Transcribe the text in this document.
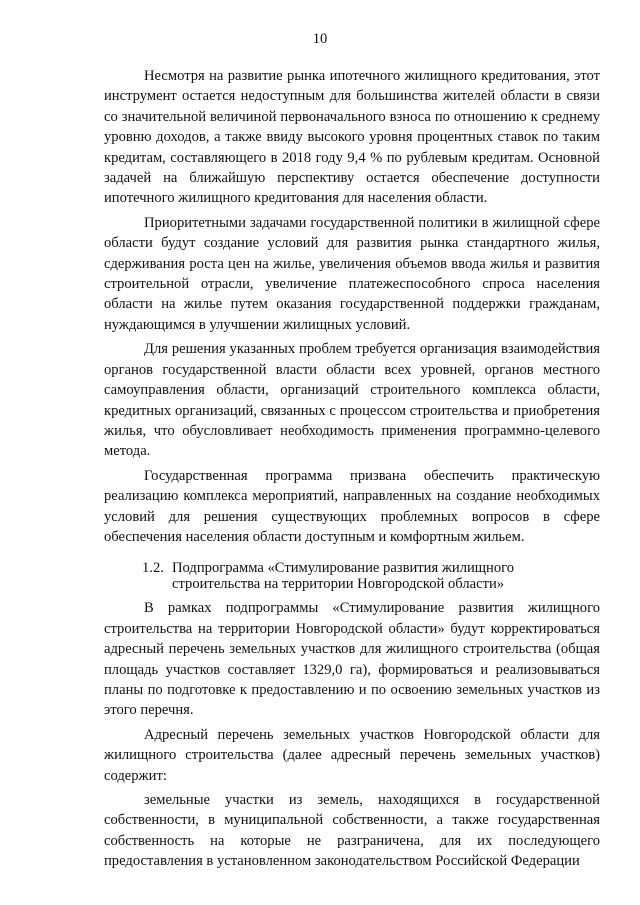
10

Несмотря на развитие рынка ипотечного жилищного кредитования, этот инструмент остается недоступным для большинства жителей области в связи со значительной величиной первоначального взноса по отношению к среднему уровню доходов, а также ввиду высокого уровня процентных ставок по таким кредитам, составляющего в 2018 году 9,4 % по рублевым кредитам. Основной задачей на ближайшую перспективу остается обеспечение доступности ипотечного жилищного кредитования для населения области.

Приоритетными задачами государственной политики в жилищной сфере области будут создание условий для развития рынка стандартного жилья, сдерживания роста цен на жилье, увеличения объемов ввода жилья и развития строительной отрасли, увеличение платежеспособного спроса населения области на жилье путем оказания государственной поддержки гражданам, нуждающимся в улучшении жилищных условий.

Для решения указанных проблем требуется организация взаимодействия органов государственной власти области всех уровней, органов местного самоуправления области, организаций строительного комплекса области, кредитных организаций, связанных с процессом строительства и приобретения жилья, что обусловливает необходимость применения программно-целевого метода.

Государственная программа призвана обеспечить практическую реализацию комплекса мероприятий, направленных на создание необходимых условий для решения существующих проблемных вопросов в сфере обеспечения населения области доступным и комфортным жильем.

1.2. Подпрограмма «Стимулирование развития жилищного
строительства на территории Новгородской области»

В рамках подпрограммы «Стимулирование развития жилищного строительства на территории Новгородской области» будут корректироваться адресный перечень земельных участков для жилищного строительства (общая площадь участков составляет 1329,0 га), формироваться и реализовываться планы по подготовке к предоставлению и по освоению земельных участков из этого перечня.

Адресный перечень земельных участков Новгородской области для жилищного строительства (далее адресный перечень земельных участков) содержит:

земельные участки из земель, находящихся в государственной собственности, в муниципальной собственности, а также государственная собственность на которые не разграничена, для их последующего предоставления в установленном законодательством Российской Федерации
